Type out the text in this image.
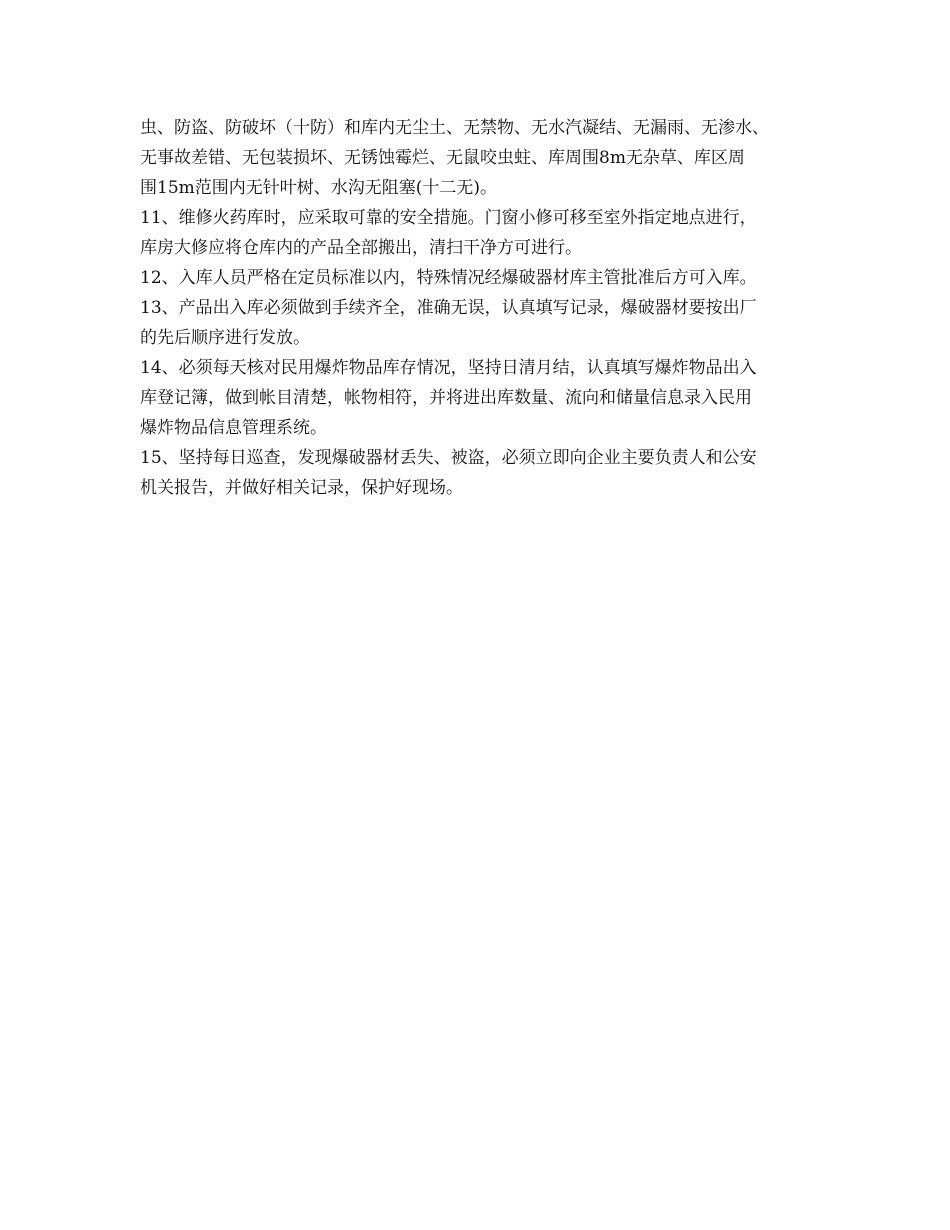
虫、防盗、防破坏（十防）和库内无尘土、无禁物、无水汽凝结、无漏雨、无渗水、
无事故差错、无包装损坏、无锈蚀霉烂、无鼠咬虫蛀、库周围8m无杂草、库区周
围15m范围内无针叶树、水沟无阻塞(十二无)。
11、维修火药库时，应采取可靠的安全措施。门窗小修可移至室外指定地点进行，
库房大修应将仓库内的产品全部搬出，清扫干净方可进行。
12、入库人员严格在定员标准以内，特殊情况经爆破器材库主管批准后方可入库。
13、产品出入库必须做到手续齐全，准确无误，认真填写记录，爆破器材要按出厂
的先后顺序进行发放。
14、必须每天核对民用爆炸物品库存情况，坚持日清月结，认真填写爆炸物品出入
库登记簿，做到帐目清楚，帐物相符，并将进出库数量、流向和储量信息录入民用
爆炸物品信息管理系统。
15、坚持每日巡查，发现爆破器材丢失、被盗，必须立即向企业主要负责人和公安
机关报告，并做好相关记录，保护好现场。
